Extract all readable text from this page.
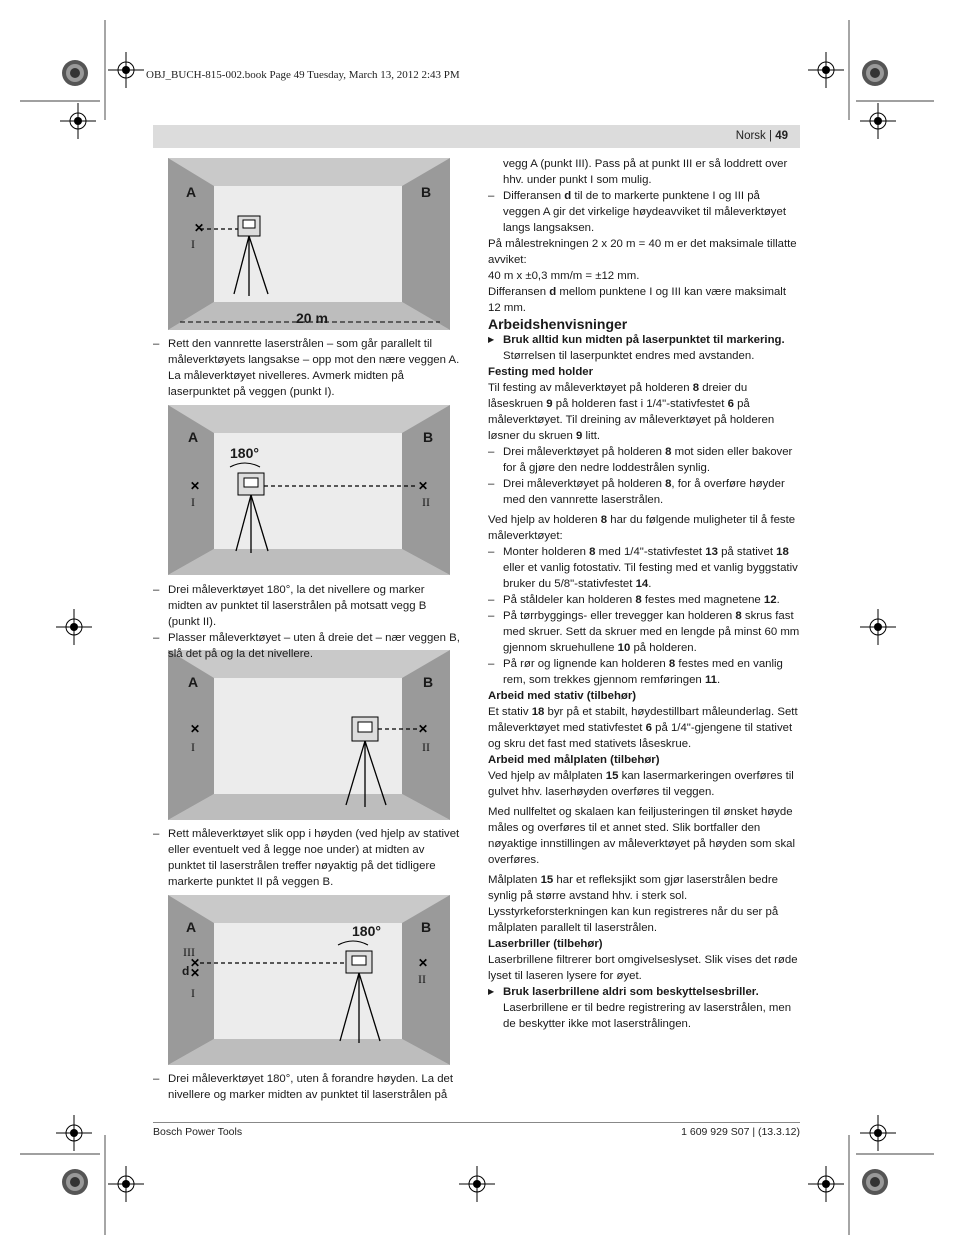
OBJ_BUCH-815-002.book Page 49 Tuesday, March 13, 2012 2:43 PM
Norsk | 49
✕
A	B
I
20 m
✕
✕
A	B
180°
I	II
✕
✕
A	B
I	II
✕
✕
✕
A	B
180°
III
d
I
II

– Rett den vannrette laserstrålen – som går parallelt til måleverktøyets langsakse – opp mot den nære veggen A. La måleverktøyet nivelleres. Avmerk midten på laserpunktet på veggen (punkt I).

– Drei måleverktøyet 180°, la det nivellere og marker midten av punktet til laserstrålen på motsatt vegg B (punkt II).

– Plasser måleverktøyet – uten å dreie det – nær veggen B, slå det på og la det nivellere.

– Rett måleverktøyet slik opp i høyden (ved hjelp av stativet eller eventuelt ved å legge noe under) at midten av punktet til laserstrålen treffer nøyaktig på det tidligere markerte punktet II på veggen B.

– Drei måleverktøyet 180°, uten å forandre høyden. La det nivellere og marker midten av punktet til laserstrålen på

vegg A (punkt III). Pass på at punkt III er så loddrett over hhv. under punkt I som mulig.

– Differansen d til de to markerte punktene I og III på veggen A gir det virkelige høydeavviket til måleverktøyet langs langsaksen.

På målestrekningen 2 x 20 m = 40 m er det maksimale tillatte avviket:

40 m x ±0,3 mm/m = ±12 mm.

Differansen d mellom punktene I og III kan være maksimalt 12 mm.

Arbeidshenvisninger

▶ Bruk alltid kun midten på laserpunktet til markering.
Størrelsen til laserpunktet endres med avstanden.

Festing med holder

Til festing av måleverktøyet på holderen 8 dreier du låseskruen 9 på holderen fast i 1/4"-stativfestet 6 på måleverktøyet. Til dreining av måleverktøyet på holderen løsner du skruen 9 litt.

– Drei måleverktøyet på holderen 8 mot siden eller bakover for å gjøre den nedre loddestrålen synlig.

– Drei måleverktøyet på holderen 8, for å overføre høyder med den vannrette laserstrålen.

Ved hjelp av holderen 8 har du følgende muligheter til å feste måleverktøyet:

– Monter holderen 8 med 1/4"-stativfestet 13 på stativet 18 eller et vanlig fotostativ. Til festing med et vanlig byggstativ bruker du 5/8"-stativfestet 14.

– På ståldeler kan holderen 8 festes med magnetene 12.

– På tørrbyggings- eller trevegger kan holderen 8 skrus fast med skruer. Sett da skruer med en lengde på minst 60 mm gjennom skruehullene 10 på holderen.

– På rør og lignende kan holderen 8 festes med en vanlig rem, som trekkes gjennom remføringen 11.

Arbeid med stativ (tilbehør)

Et stativ 18 byr på et stabilt, høydestillbart måleunderlag. Sett måleverktøyet med stativfestet 6 på 1/4"-gjengene til stativet og skru det fast med stativets låseskrue.

Arbeid med målplaten (tilbehør)

Ved hjelp av målplaten 15 kan lasermarkeringen overføres til gulvet hhv. laserhøyden overføres til veggen.

Med nullfeltet og skalaen kan feiljusteringen til ønsket høyde måles og overføres til et annet sted. Slik bortfaller den nøyaktige innstillingen av måleverktøyet på høyden som skal overføres.

Målplaten 15 har et refleksjikt som gjør laserstrålen bedre synlig på større avstand hhv. i sterk sol. Lysstyrkeforsterkningen kan kun registreres når du ser på målplaten parallelt til laserstrålen.

Laserbriller (tilbehør)

Laserbrillene filtrerer bort omgivelseslyset. Slik vises det røde lyset til laseren lysere for øyet.

▶ Bruk laserbrillene aldri som beskyttelsesbriller. Laserbrillene er til bedre registrering av laserstrålen, men de beskytter ikke mot laserstrålingen.

Bosch Power Tools	1 609 929 S07 | (13.3.12)
